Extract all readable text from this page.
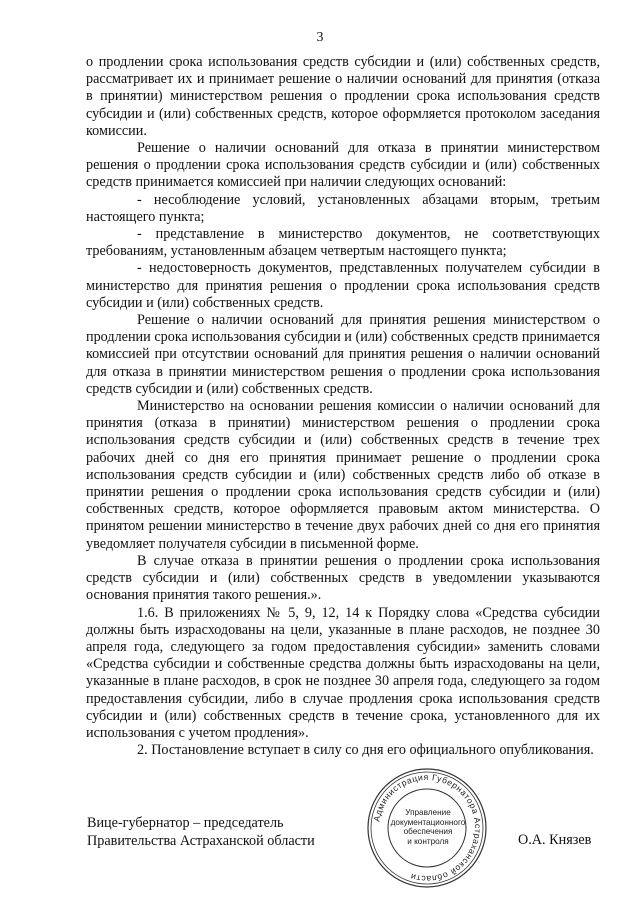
3

о продлении срока использования средств субсидии и (или) собственных средств, рассматривает их и принимает решение о наличии оснований для принятия (отказа в принятии) министерством решения о продлении срока использования средств субсидии и (или) собственных средств, которое оформляется протоколом заседания комиссии.

Решение о наличии оснований для отказа в принятии министерством решения о продлении срока использования средств субсидии и (или) собственных средств принимается комиссией при наличии следующих оснований:

- несоблюдение условий, установленных абзацами вторым, третьим настоящего пункта;

- представление в министерство документов, не соответствующих требованиям, установленным абзацем четвертым настоящего пункта;

- недостоверность документов, представленных получателем субсидии в министерство для принятия решения о продлении срока использования средств субсидии и (или) собственных средств.

Решение о наличии оснований для принятия решения министерством о продлении срока использования субсидии и (или) собственных средств принимается комиссией при отсутствии оснований для принятия решения о наличии оснований для отказа в принятии министерством решения о продлении срока использования средств субсидии и (или) собственных средств.

Министерство на основании решения комиссии о наличии оснований для принятия (отказа в принятии) министерством решения о продлении срока использования средств субсидии и (или) собственных средств в течение трех рабочих дней со дня его принятия принимает решение о продлении срока использования средств субсидии и (или) собственных средств либо об отказе в принятии решения о продлении срока использования средств субсидии и (или) собственных средств, которое оформляется правовым актом министерства. О принятом решении министерство в течение двух рабочих дней со дня его принятия уведомляет получателя субсидии в письменной форме.

В случае отказа в принятии решения о продлении срока использования средств субсидии и (или) собственных средств в уведомлении указываются основания принятия такого решения.».

1.6. В приложениях № 5, 9, 12, 14 к Порядку слова «Средства субсидии должны быть израсходованы на цели, указанные в плане расходов, не позднее 30 апреля года, следующего за годом предоставления субсидии» заменить словами «Средства субсидии и собственные средства должны быть израсходованы на цели, указанные в плане расходов, в срок не позднее 30 апреля года, следующего за годом предоставления субсидии, либо в случае продления срока использования средств субсидии и (или) собственных средств в течение срока, установленного для их использования с учетом продления».

2. Постановление вступает в силу со дня его официального опубликования.

Вице-губернатор – председатель
Правительства Астраханской области
Администрация Губернатора Астраханской области
Управление
документационного
обеспечения
и контроля	О.А. Князев
